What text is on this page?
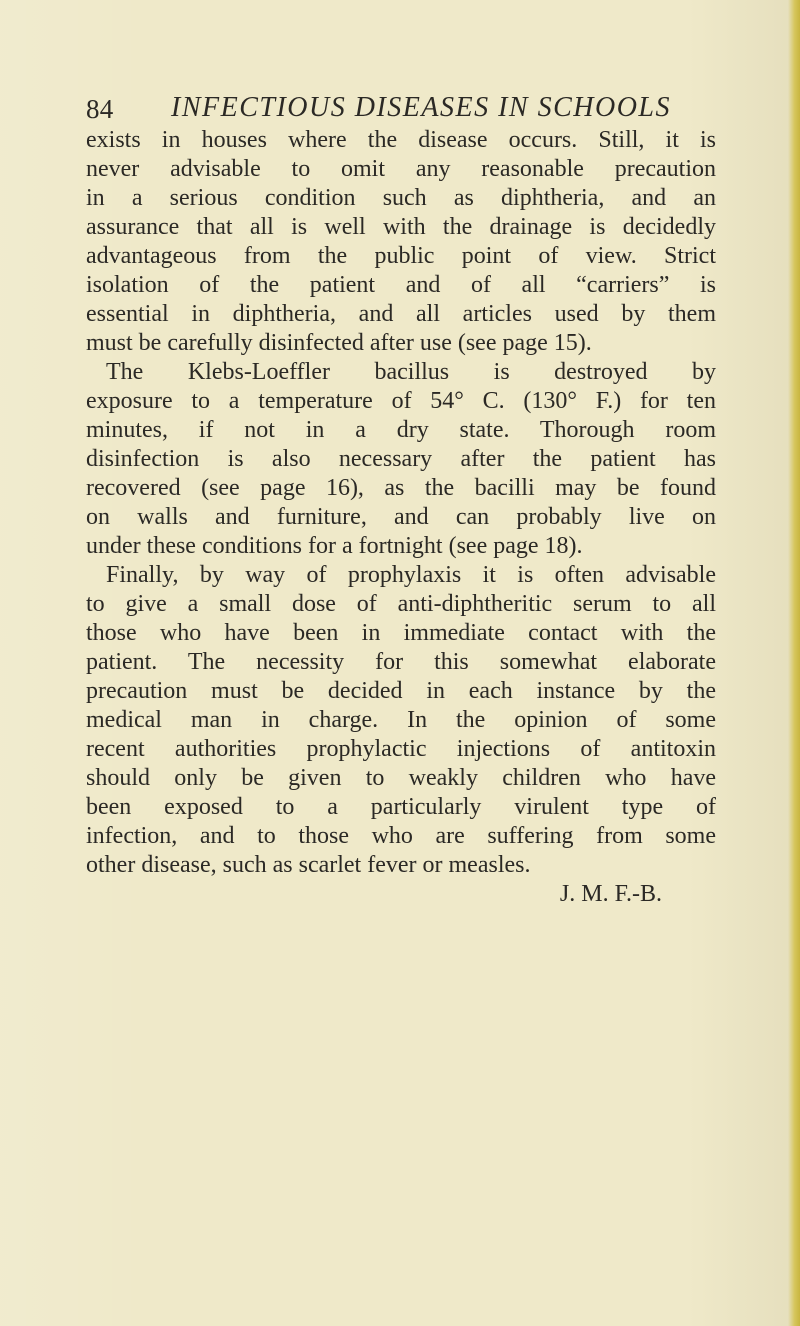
84 INFECTIOUS DISEASES IN SCHOOLS
exists in houses where the disease occurs. Still, it is
never advisable to omit any reasonable precaution
in a serious condition such as diphtheria, and an
assurance that all is well with the drainage is decidedly
advantageous from the public point of view. Strict
isolation of the patient and of all “carriers” is
essential in diphtheria, and all articles used by them
must be carefully disinfected after use (see page 15).
The Klebs-Loeffler bacillus is destroyed by
exposure to a temperature of 54° C. (130° F.) for ten
minutes, if not in a dry state. Thorough room
disinfection is also necessary after the patient has
recovered (see page 16), as the bacilli may be found
on walls and furniture, and can probably live on
under these conditions for a fortnight (see page 18).
Finally, by way of prophylaxis it is often advisable
to give a small dose of anti-diphtheritic serum to all
those who have been in immediate contact with the
patient. The necessity for this somewhat elaborate
precaution must be decided in each instance by the
medical man in charge. In the opinion of some
recent authorities prophylactic injections of antitoxin
should only be given to weakly children who have
been exposed to a particularly virulent type of
infection, and to those who are suffering from some
other disease, such as scarlet fever or measles.
J. M. F.-B.
